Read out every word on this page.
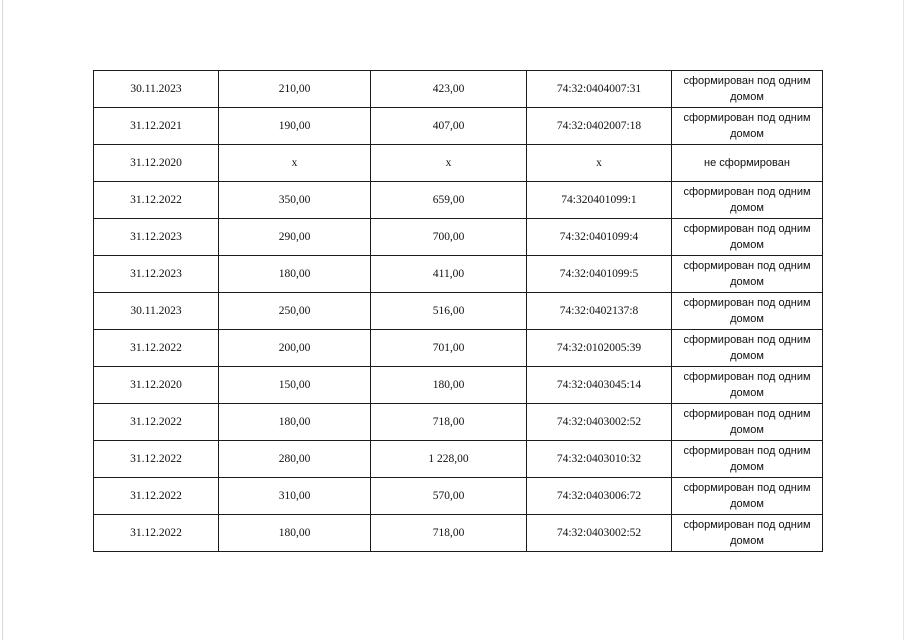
30.11.2023	210,00	423,00	74:32:0404007:31	сформирован под одним домом
31.12.2021	190,00	407,00	74:32:0402007:18	сформирован под одним домом
31.12.2020	х	х	х	не сформирован
31.12.2022	350,00	659,00	74:320401099:1	сформирован под одним домом
31.12.2023	290,00	700,00	74:32:0401099:4	сформирован под одним домом
31.12.2023	180,00	411,00	74:32:0401099:5	сформирован под одним домом
30.11.2023	250,00	516,00	74:32:0402137:8	сформирован под одним домом
31.12.2022	200,00	701,00	74:32:0102005:39	сформирован под одним домом
31.12.2020	150,00	180,00	74:32:0403045:14	сформирован под одним домом
31.12.2022	180,00	718,00	74:32:0403002:52	сформирован под одним домом
31.12.2022	280,00	1 228,00	74:32:0403010:32	сформирован под одним домом
31.12.2022	310,00	570,00	74:32:0403006:72	сформирован под одним домом
31.12.2022	180,00	718,00	74:32:0403002:52	сформирован под одним домом
